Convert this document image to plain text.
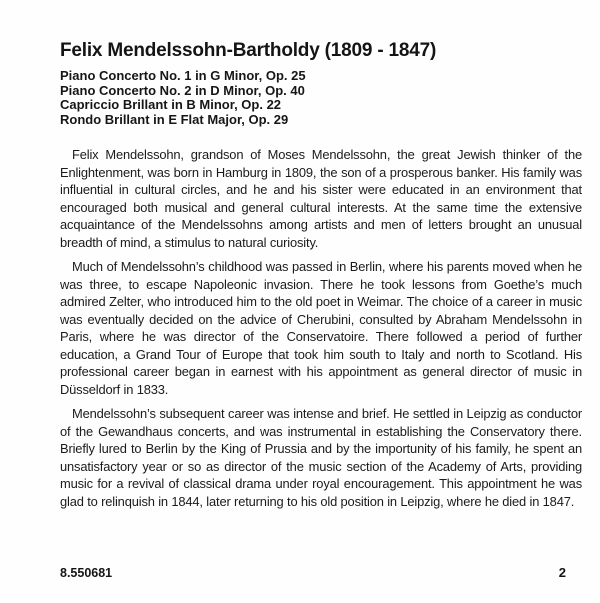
Felix Mendelssohn-Bartholdy (1809 - 1847)
Piano Concerto No. 1 in G Minor, Op. 25
Piano Concerto No. 2 in D Minor, Op. 40
Capriccio Brillant in B Minor, Op. 22
Rondo Brillant in E Flat Major, Op. 29

Felix Mendelssohn, grandson of Moses Mendelssohn, the great Jewish thinker of the Enlightenment, was born in Hamburg in 1809, the son of a prosperous banker. His family was influential in cultural circles, and he and his sister were educated in an environment that encouraged both musical and general cultural interests. At the same time the extensive acquaintance of the Mendelssohns among artists and men of letters brought an unusual breadth of mind, a stimulus to natural curiosity.

Much of Mendelssohn’s childhood was passed in Berlin, where his parents moved when he was three, to escape Napoleonic invasion. There he took lessons from Goethe’s much admired Zelter, who introduced him to the old poet in Weimar. The choice of a career in music was eventually decided on the advice of Cherubini, consulted by Abraham Mendelssohn in Paris, where he was director of the Conservatoire. There followed a period of further education, a Grand Tour of Europe that took him south to Italy and north to Scotland. His professional career began in earnest with his appointment as general director of music in Düsseldorf in 1833.

Mendelssohn’s subsequent career was intense and brief. He settled in Leipzig as conductor of the Gewandhaus concerts, and was instrumental in establishing the Conservatory there. Briefly lured to Berlin by the King of Prussia and by the importunity of his family, he spent an unsatisfactory year or so as director of the music section of the Academy of Arts, providing music for a revival of classical drama under royal encouragement. This appointment he was glad to relinquish in 1844, later returning to his old position in Leipzig, where he died in 1847.

8.550681	2
